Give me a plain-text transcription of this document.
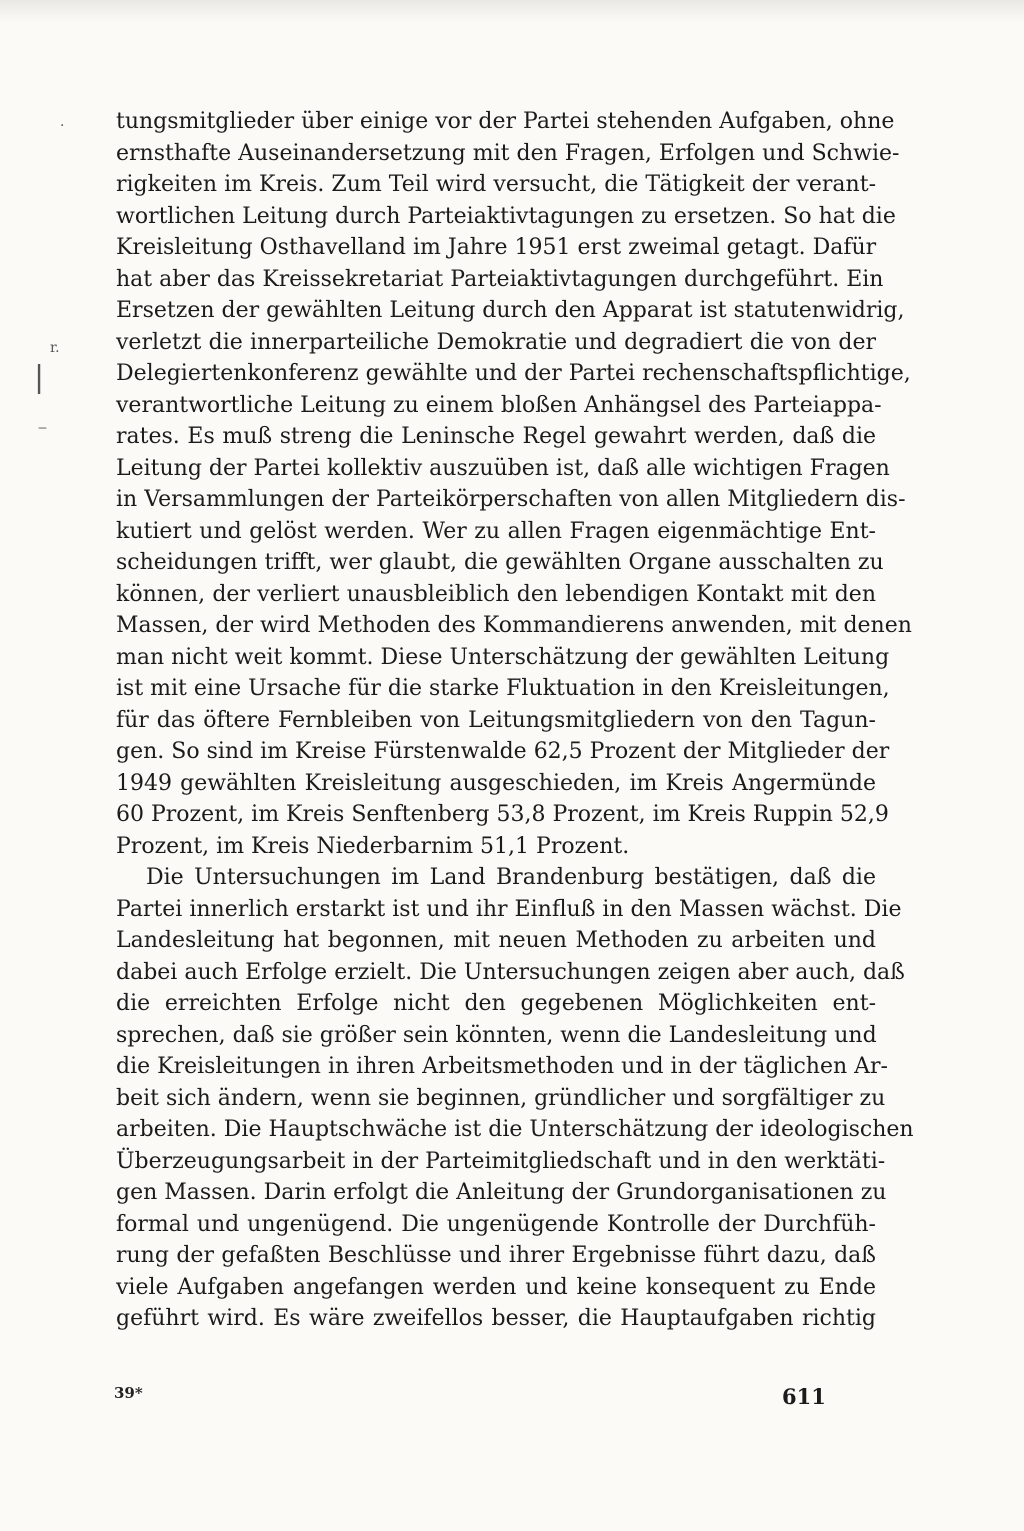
·
r.
|
‒
tungsmitglieder über einige vor der Partei stehenden Aufgaben, ohne
ernsthafte Auseinandersetzung mit den Fragen, Erfolgen und Schwie-
rigkeiten im Kreis. Zum Teil wird versucht, die Tätigkeit der verant-
wortlichen Leitung durch Parteiaktivtagungen zu ersetzen. So hat die
Kreisleitung Osthavelland im Jahre 1951 erst zweimal getagt. Dafür
hat aber das Kreissekretariat Parteiaktivtagungen durchgeführt. Ein
Ersetzen der gewählten Leitung durch den Apparat ist statutenwidrig,
verletzt die innerparteiliche Demokratie und degradiert die von der
Delegiertenkonferenz gewählte und der Partei rechenschaftspflichtige,
verantwortliche Leitung zu einem bloßen Anhängsel des Parteiappa-
rates. Es muß streng die Leninsche Regel gewahrt werden, daß die
Leitung der Partei kollektiv auszuüben ist, daß alle wichtigen Fragen
in Versammlungen der Parteikörperschaften von allen Mitgliedern dis-
kutiert und gelöst werden. Wer zu allen Fragen eigenmächtige Ent-
scheidungen trifft, wer glaubt, die gewählten Organe ausschalten zu
können, der verliert unausbleiblich den lebendigen Kontakt mit den
Massen, der wird Methoden des Kommandierens anwenden, mit denen
man nicht weit kommt. Diese Unterschätzung der gewählten Leitung
ist mit eine Ursache für die starke Fluktuation in den Kreisleitungen,
für das öftere Fernbleiben von Leitungsmitgliedern von den Tagun-
gen. So sind im Kreise Fürstenwalde 62,5 Prozent der Mitglieder der
1949 gewählten Kreisleitung ausgeschieden, im Kreis Angermünde
60 Prozent, im Kreis Senftenberg 53,8 Prozent, im Kreis Ruppin 52,9
Prozent, im Kreis Niederbarnim 51,1 Prozent.
Die Untersuchungen im Land Brandenburg bestätigen, daß die
Partei innerlich erstarkt ist und ihr Einfluß in den Massen wächst. Die
Landesleitung hat begonnen, mit neuen Methoden zu arbeiten und
dabei auch Erfolge erzielt. Die Untersuchungen zeigen aber auch, daß
die erreichten Erfolge nicht den gegebenen Möglichkeiten ent-
sprechen, daß sie größer sein könnten, wenn die Landesleitung und
die Kreisleitungen in ihren Arbeitsmethoden und in der täglichen Ar-
beit sich ändern, wenn sie beginnen, gründlicher und sorgfältiger zu
arbeiten. Die Hauptschwäche ist die Unterschätzung der ideologischen
Überzeugungsarbeit in der Parteimitgliedschaft und in den werktäti-
gen Massen. Darin erfolgt die Anleitung der Grundorganisationen zu
formal und ungenügend. Die ungenügende Kontrolle der Durchfüh-
rung der gefaßten Beschlüsse und ihrer Ergebnisse führt dazu, daß
viele Aufgaben angefangen werden und keine konsequent zu Ende
geführt wird. Es wäre zweifellos besser, die Hauptaufgaben richtig
39*	611
